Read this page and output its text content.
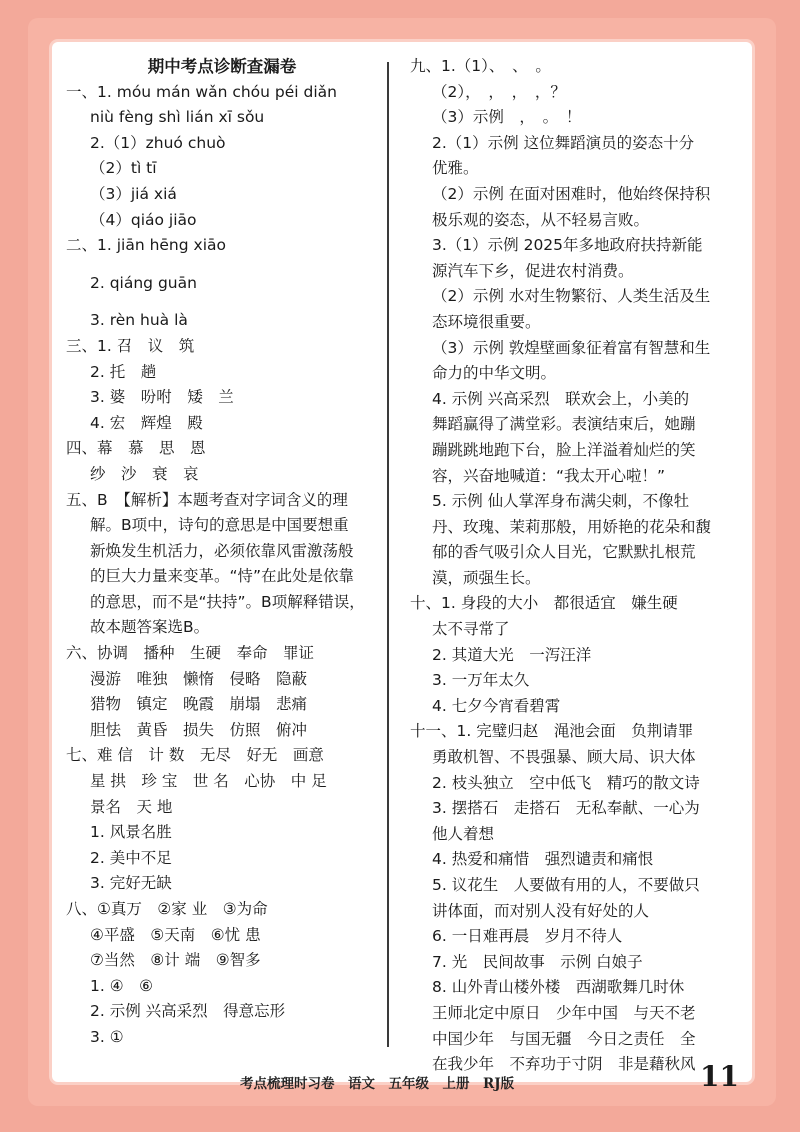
期中考点诊断查漏卷
一、1. móu mán wǎn chóu péi diǎn
niù fèng shì lián xī sǒu
2.（1）zhuó chuò
（2）tì tī
（3）jiá xiá
（4）qiáo jiāo
二、1. jiān hēng xiāo
2. qiáng guān
3. rèn huà là
三、1. 召　议　筑
2. 托　趟
3. 婆　吩咐　矮　兰
4. 宏　辉煌　殿
四、幕　慕　思　恩
纱　沙　衰　哀
五、B　【解析】本题考查对字词含义的理
解。B项中，诗句的意思是中国要想重
新焕发生机活力，必须依靠风雷激荡般
的巨大力量来变革。“恃”在此处是依靠
的意思，而不是“扶持”。B项解释错误，
故本题答案选B。
六、协调　播种　生硬　奉命　罪证
漫游　唯独　懒惰　侵略　隐蔽
猎物　镇定　晚霞　崩塌　悲痛
胆怯　黄昏　损失　仿照　俯冲
七、难 信　计 数　无尽　好无　画意
星 拱　珍 宝　世 名　心协　中 足
景名　天 地
1. 风景名胜
2. 美中不足
3. 完好无缺
八、①真万　②家 业　③为命
④平盛　⑤天南　⑥忧 患
⑦当然　⑧计 端　⑨智多
1. ④　⑥
2. 示例 兴高采烈　得意忘形
3. ①
九、1.（1）、　、　。
（2），　，　，　，？
（3）示例　，　。　！
2.（1）示例 这位舞蹈演员的姿态十分
优雅。
（2）示例 在面对困难时，他始终保持积
极乐观的姿态，从不轻易言败。
3.（1）示例 2025年多地政府扶持新能
源汽车下乡，促进农村消费。
（2）示例 水对生物繁衍、人类生活及生
态环境很重要。
（3）示例 敦煌壁画象征着富有智慧和生
命力的中华文明。
4. 示例 兴高采烈　联欢会上，小美的
舞蹈赢得了满堂彩。表演结束后，她蹦
蹦跳跳地跑下台，脸上洋溢着灿烂的笑
容，兴奋地喊道：“我太开心啦！”
5. 示例 仙人掌浑身布满尖刺，不像牡
丹、玫瑰、茉莉那般，用娇艳的花朵和馥
郁的香气吸引众人目光，它默默扎根荒
漠，顽强生长。
十、1. 身段的大小　都很适宜　嫌生硬
太不寻常了
2. 其道大光　一泻汪洋
3. 一万年太久
4. 七夕今宵看碧霄
十一、1. 完璧归赵　渑池会面　负荆请罪
勇敢机智、不畏强暴、顾大局、识大体
2. 枝头独立　空中低飞　精巧的散文诗
3. 摆搭石　走搭石　无私奉献、一心为
他人着想
4. 热爱和痛惜　强烈谴责和痛恨
5. 议花生　人要做有用的人，不要做只
讲体面，而对别人没有好处的人
6. 一日难再晨　岁月不待人
7. 光　民间故事　示例 白娘子
8. 山外青山楼外楼　西湖歌舞几时休
王师北定中原日　少年中国　与天不老
中国少年　与国无疆　今日之责任　全
在我少年　不弃功于寸阴　非是藉秋风
考点梳理时习卷　语文　五年级　上册　RJ版	11
